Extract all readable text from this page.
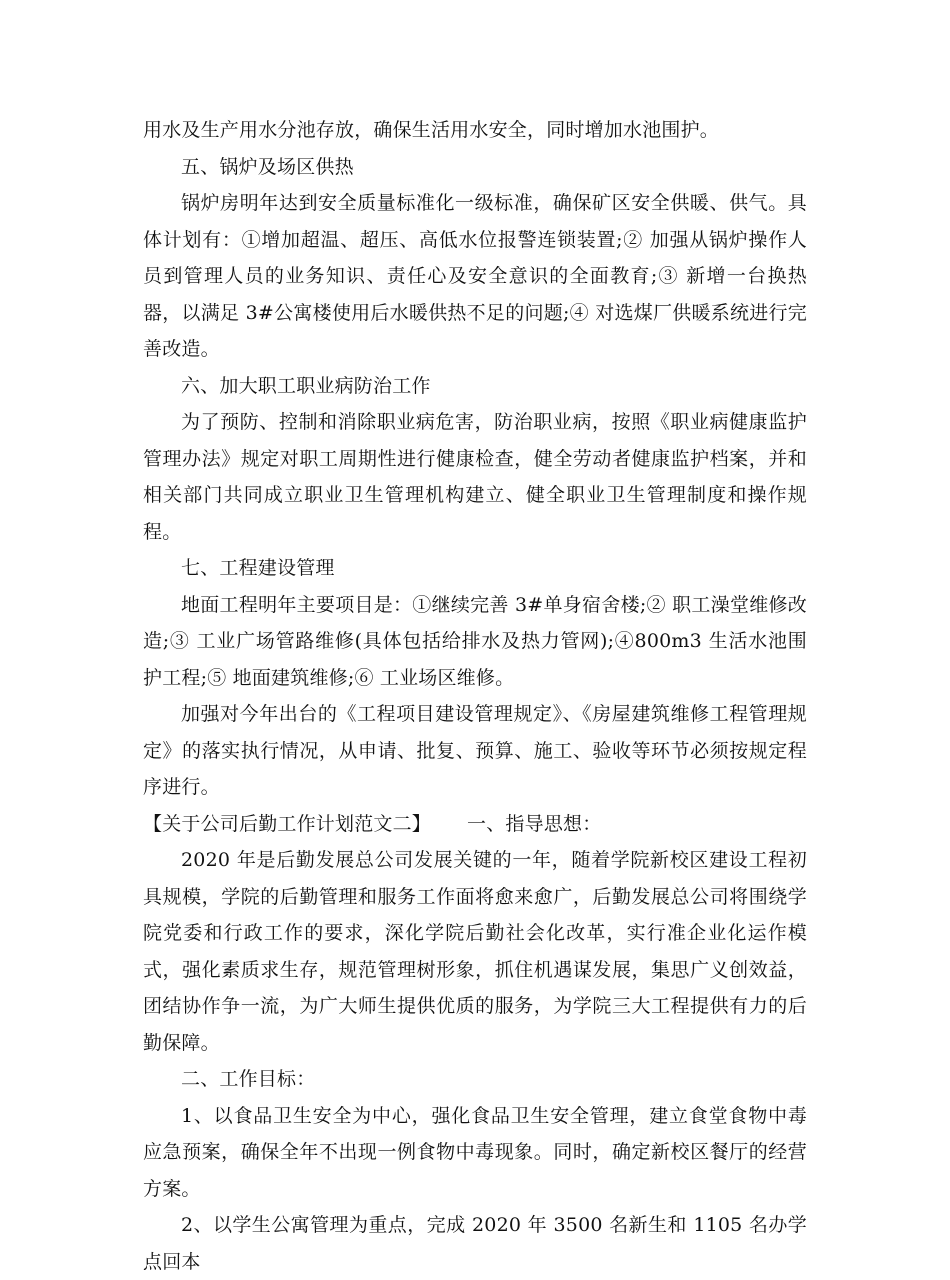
用水及生产用水分池存放，确保生活用水安全，同时增加水池围护。

五、锅炉及场区供热

锅炉房明年达到安全质量标准化一级标准，确保矿区安全供暖、供气。具体计划有：①增加超温、超压、高低水位报警连锁装置;② 加强从锅炉操作人员到管理人员的业务知识、责任心及安全意识的全面教育;③ 新增一台换热器，以满足 3#公寓楼使用后水暖供热不足的问题;④ 对选煤厂供暖系统进行完善改造。

六、加大职工职业病防治工作

为了预防、控制和消除职业病危害，防治职业病，按照《职业病健康监护管理办法》规定对职工周期性进行健康检查，健全劳动者健康监护档案，并和相关部门共同成立职业卫生管理机构建立、健全职业卫生管理制度和操作规程。

七、工程建设管理

地面工程明年主要项目是：①继续完善 3#单身宿舍楼;② 职工澡堂维修改造;③ 工业广场管路维修(具体包括给排水及热力管网);④800m3 生活水池围护工程;⑤ 地面建筑维修;⑥ 工业场区维修。

加强对今年出台的《工程项目建设管理规定》、《房屋建筑维修工程管理规定》的落实执行情况，从申请、批复、预算、施工、验收等环节必须按规定程序进行。

【关于公司后勤工作计划范文二】 一、指导思想：

2020 年是后勤发展总公司发展关键的一年，随着学院新校区建设工程初具规模，学院的后勤管理和服务工作面将愈来愈广，后勤发展总公司将围绕学院党委和行政工作的要求，深化学院后勤社会化改革，实行准企业化运作模式，强化素质求生存，规范管理树形象，抓住机遇谋发展，集思广义创效益，团结协作争一流，为广大师生提供优质的服务，为学院三大工程提供有力的后勤保障。

二、工作目标：

1、以食品卫生安全为中心，强化食品卫生安全管理，建立食堂食物中毒应急预案，确保全年不出现一例食物中毒现象。同时，确定新校区餐厅的经营方案。

2、以学生公寓管理为重点，完成 2020 年 3500 名新生和 1105 名办学点回本
